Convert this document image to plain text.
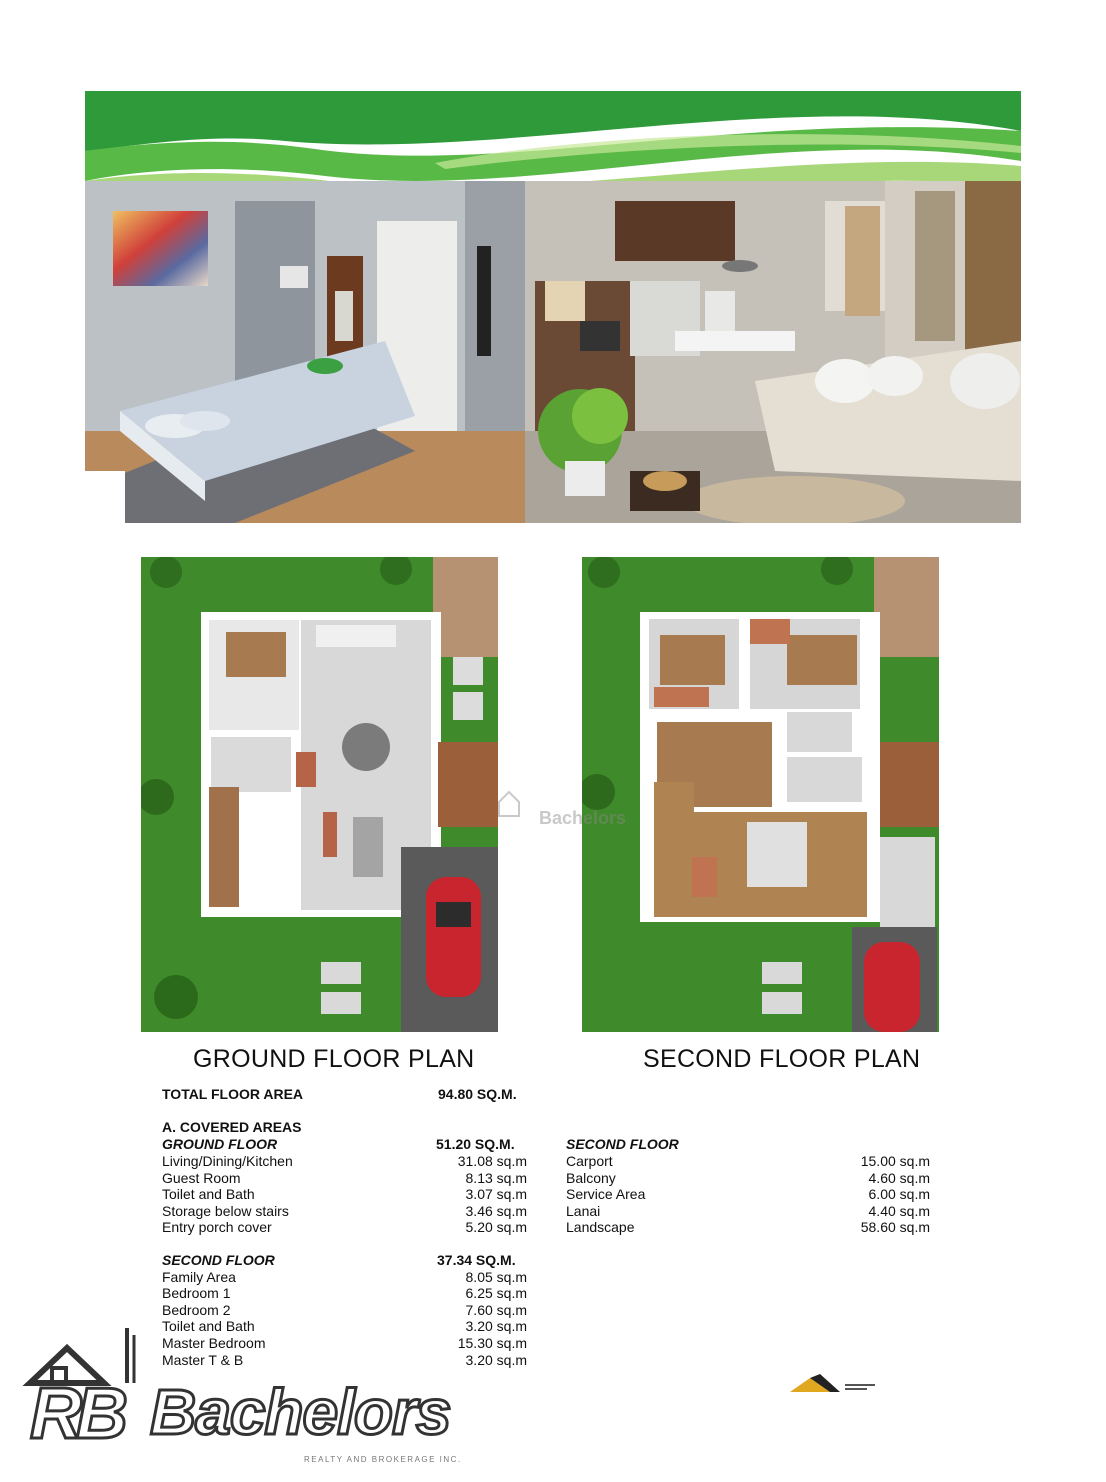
Bachelors
GROUND FLOOR PLAN	SECOND FLOOR PLAN
TOTAL FLOOR AREA	94.80 SQ.M.
A. COVERED AREAS
GROUND FLOOR	51.20 SQ.M.
Living/Dining/Kitchen	31.08 sq.m
Guest Room	8.13 sq.m
Toilet and Bath	3.07 sq.m
Storage below stairs	3.46 sq.m
Entry porch cover	5.20 sq.m
SECOND FLOOR	37.34 SQ.M.
Family Area	8.05 sq.m
Bedroom 1	6.25 sq.m
Bedroom 2	7.60 sq.m
Toilet and Bath	3.20 sq.m
Master Bedroom	15.30 sq.m
Master T & B	3.20 sq.m
SECOND FLOOR
Carport	15.00 sq.m
Balcony	4.60 sq.m
Service Area	6.00 sq.m
Lanai	4.40 sq.m
Landscape	58.60 sq.m
RB Bachelors
REALTY AND BROKERAGE INC.
